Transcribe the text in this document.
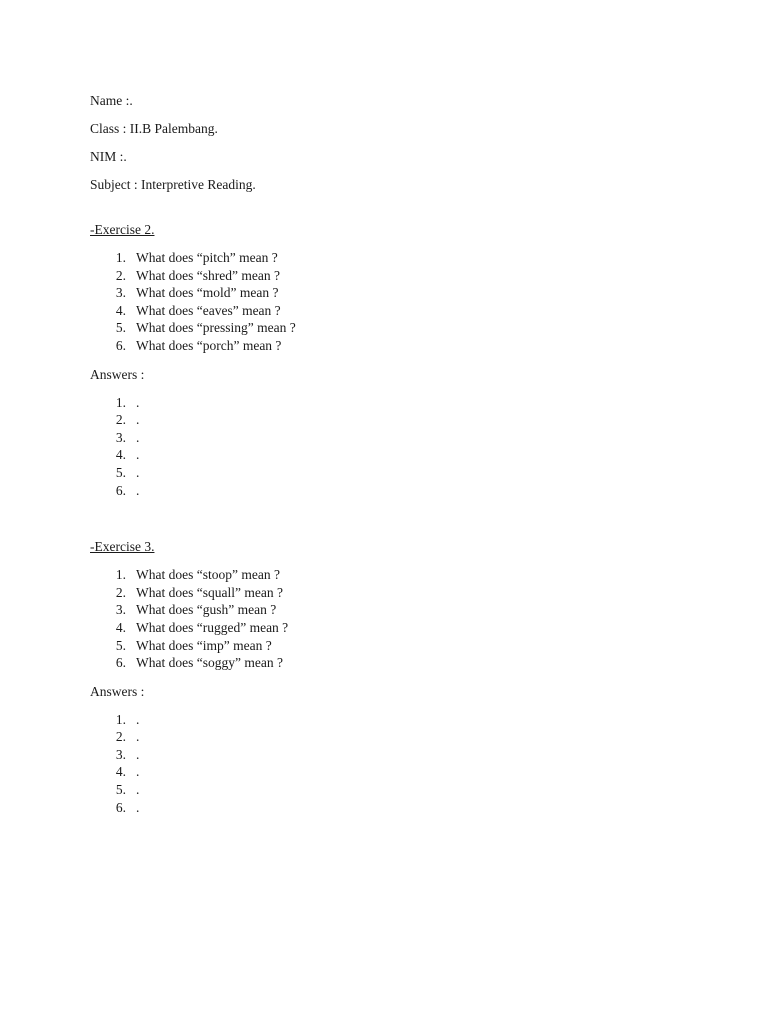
Name :.
Class : II.B Palembang.
NIM :.
Subject : Interpretive Reading.
-Exercise 2.
1. What does “pitch” mean ?
2. What does “shred” mean ?
3. What does “mold” mean ?
4. What does “eaves” mean ?
5. What does “pressing” mean ?
6. What does “porch” mean ?
Answers :
1. .
2. .
3. .
4. .
5. .
6. .
-Exercise 3.
1. What does “stoop” mean ?
2. What does “squall” mean ?
3. What does “gush” mean ?
4. What does “rugged” mean ?
5. What does “imp” mean ?
6. What does “soggy” mean ?
Answers :
1. .
2. .
3. .
4. .
5. .
6. .
